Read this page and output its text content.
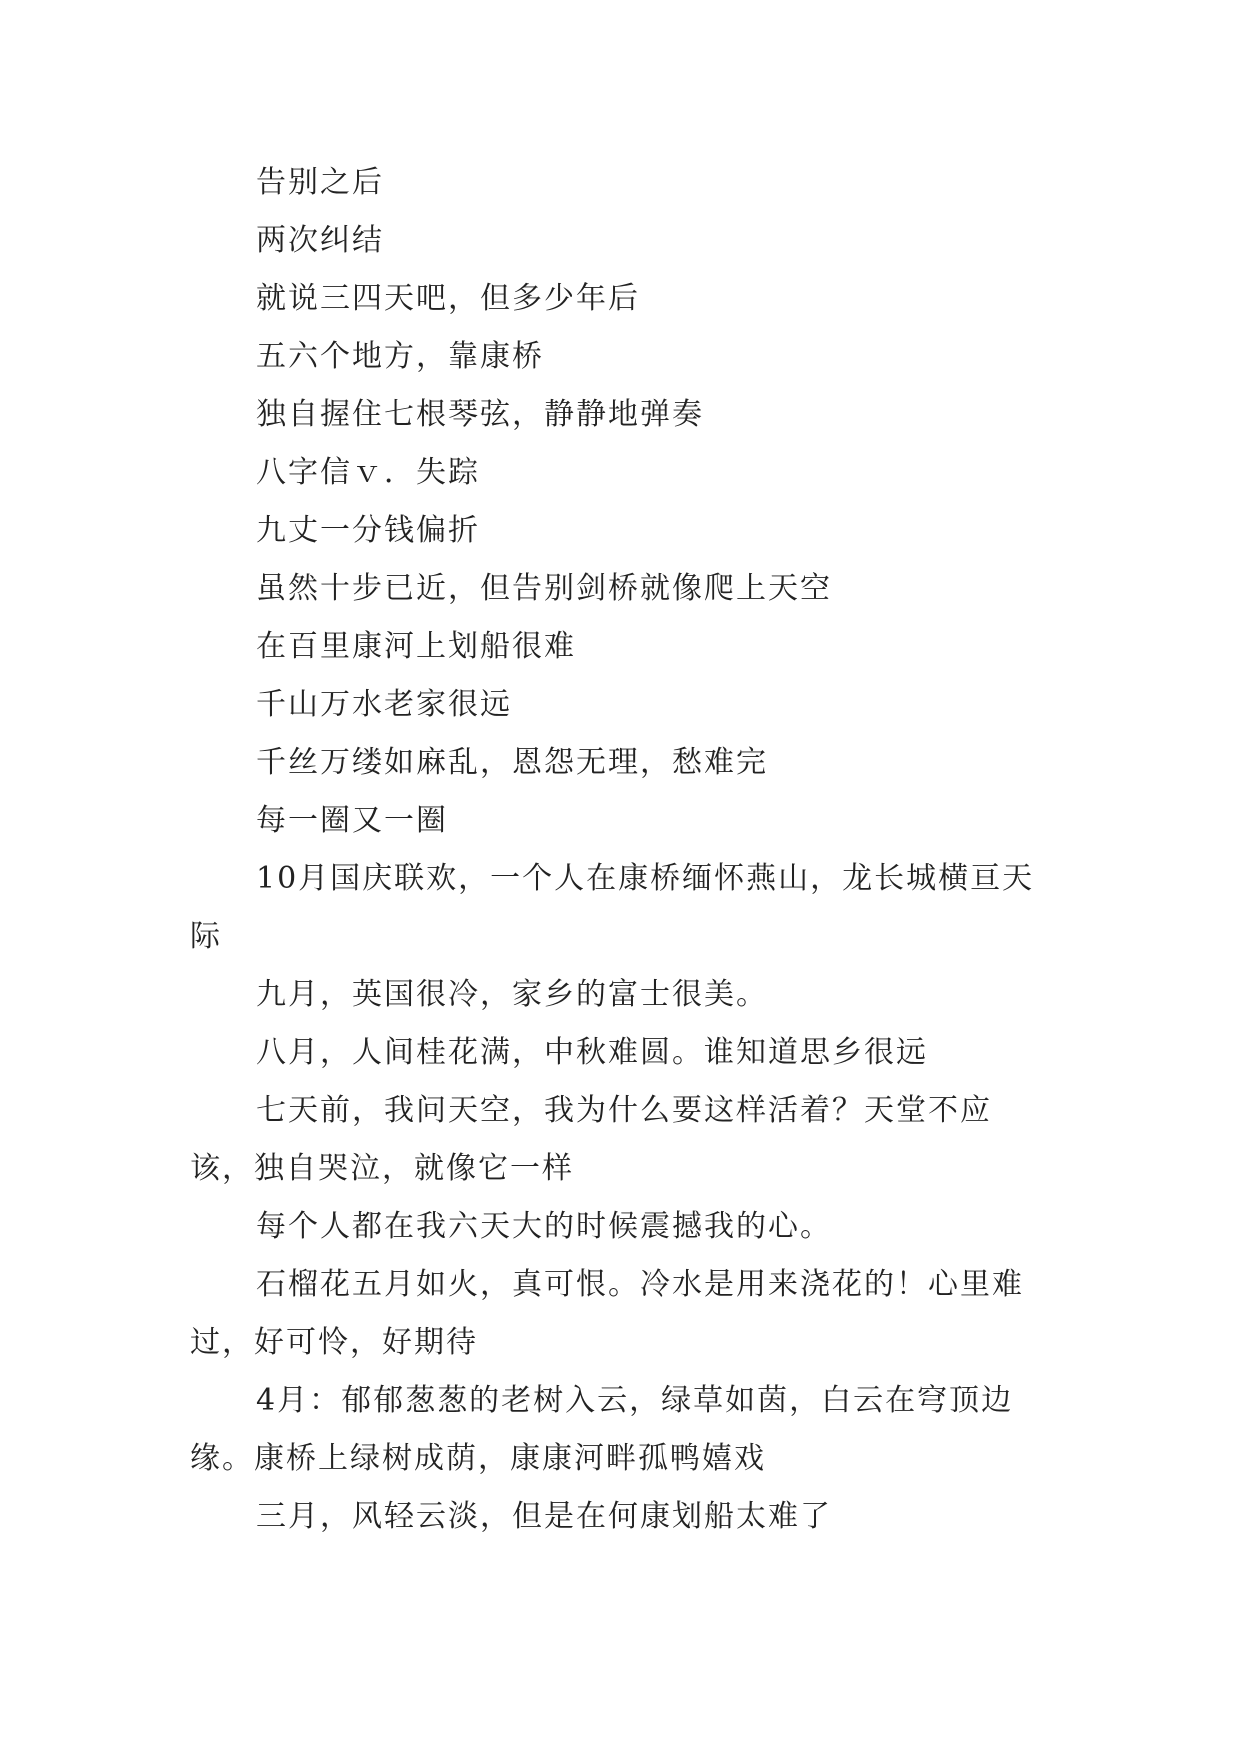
告别之后

两次纠结

就说三四天吧，但多少年后

五六个地方，靠康桥

独自握住七根琴弦，静静地弹奏

八字信ｖ．失踪

九丈一分钱偏折

虽然十步已近，但告别剑桥就像爬上天空

在百里康河上划船很难

千山万水老家很远

千丝万缕如麻乱，恩怨无理，愁难完

每一圈又一圈

10月国庆联欢，一个人在康桥缅怀燕山，龙长城横亘天际

九月，英国很冷，家乡的富士很美。

八月，人间桂花满，中秋难圆。谁知道思乡很远

七天前，我问天空，我为什么要这样活着？天堂不应该，独自哭泣，就像它一样

每个人都在我六天大的时候震撼我的心。

石榴花五月如火，真可恨。冷水是用来浇花的！心里难过，好可怜，好期待

4月：郁郁葱葱的老树入云，绿草如茵，白云在穹顶边缘。康桥上绿树成荫，康康河畔孤鸭嬉戏

三月，风轻云淡，但是在何康划船太难了
